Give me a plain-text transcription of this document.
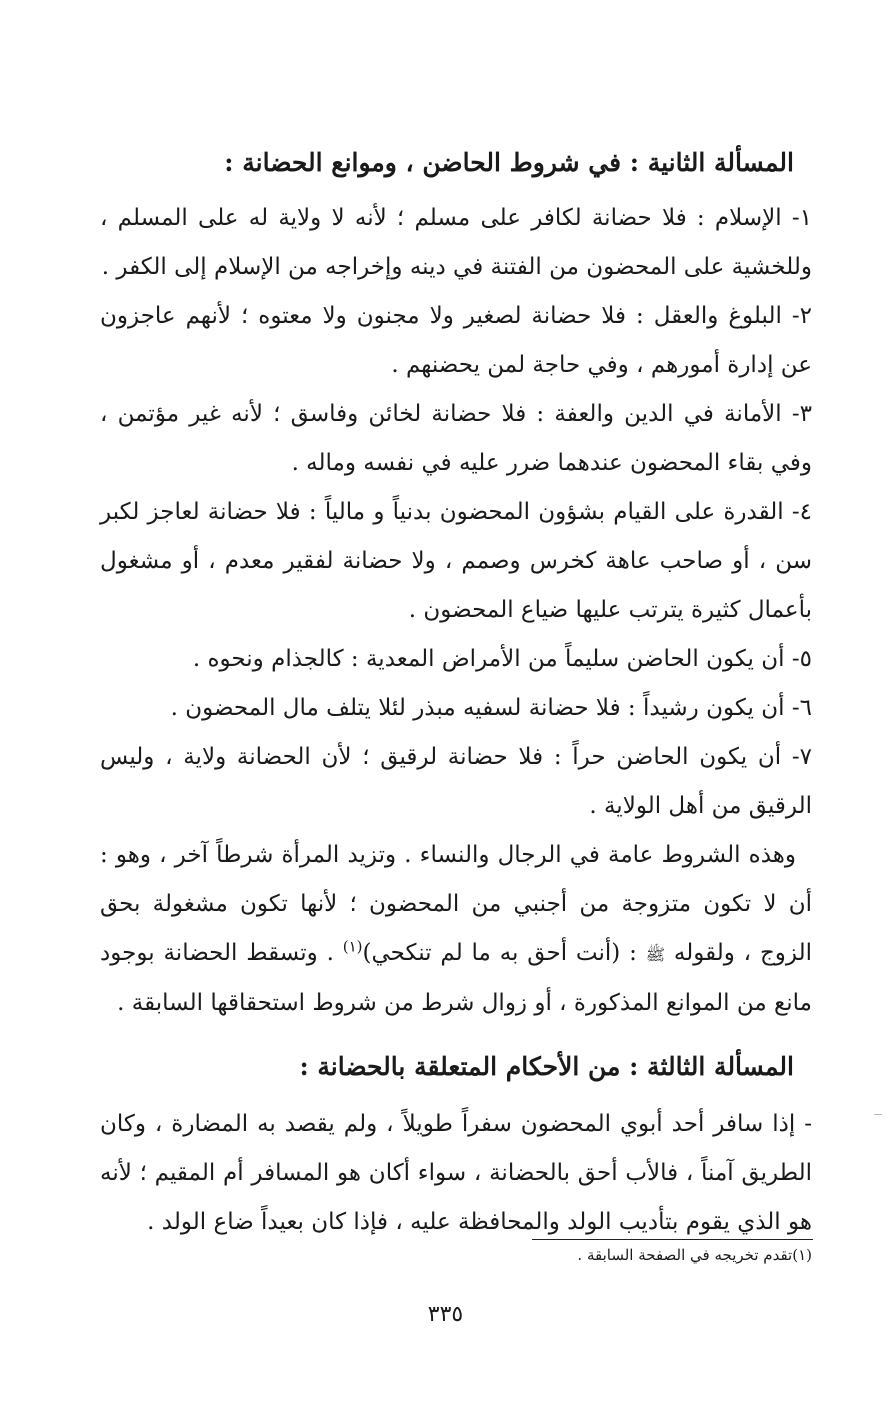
المسألة الثانية : في شروط الحاضن ، وموانع الحضانة :

١- الإسلام : فلا حضانة لكافر على مسلم ؛ لأنه لا ولاية له على المسلم ، وللخشية على المحضون من الفتنة في دينه وإخراجه من الإسلام إلى الكفر .

٢- البلوغ والعقل : فلا حضانة لصغير ولا مجنون ولا معتوه ؛ لأنهم عاجزون عن إدارة أمورهم ، وفي حاجة لمن يحضنهم .

٣- الأمانة في الدين والعفة : فلا حضانة لخائن وفاسق ؛ لأنه غير مؤتمن ، وفي بقاء المحضون عندهما ضرر عليه في نفسه وماله .

٤- القدرة على القيام بشؤون المحضون بدنياً و مالياً : فلا حضانة لعاجز لكبر سن ، أو صاحب عاهة كخرس وصمم ، ولا حضانة لفقير معدم ، أو مشغول بأعمال كثيرة يترتب عليها ضياع المحضون .

٥- أن يكون الحاضن سليماً من الأمراض المعدية : كالجذام ونحوه .

٦- أن يكون رشيداً : فلا حضانة لسفيه مبذر لئلا يتلف مال المحضون .

٧- أن يكون الحاضن حراً : فلا حضانة لرقيق ؛ لأن الحضانة ولاية ، وليس الرقيق من أهل الولاية .

وهذه الشروط عامة في الرجال والنساء . وتزيد المرأة شرطاً آخر ، وهو : أن لا تكون متزوجة من أجنبي من المحضون ؛ لأنها تكون مشغولة بحق الزوج ، ولقوله ﷺ : (أنت أحق به ما لم تنكحي)$^{(١)}$ . وتسقط الحضانة بوجود مانع من الموانع المذكورة ، أو زوال شرط من شروط استحقاقها السابقة .

المسألة الثالثة : من الأحكام المتعلقة بالحضانة :

- إذا سافر أحد أبوي المحضون سفراً طويلاً ، ولم يقصد به المضارة ، وكان الطريق آمناً ، فالأب أحق بالحضانة ، سواء أكان هو المسافر أم المقيم ؛ لأنه هو الذي يقوم بتأديب الولد والمحافظة عليه ، فإذا كان بعيداً ضاع الولد .

(١)تقدم تخريجه في الصفحة السابقة .
٣٣٥
